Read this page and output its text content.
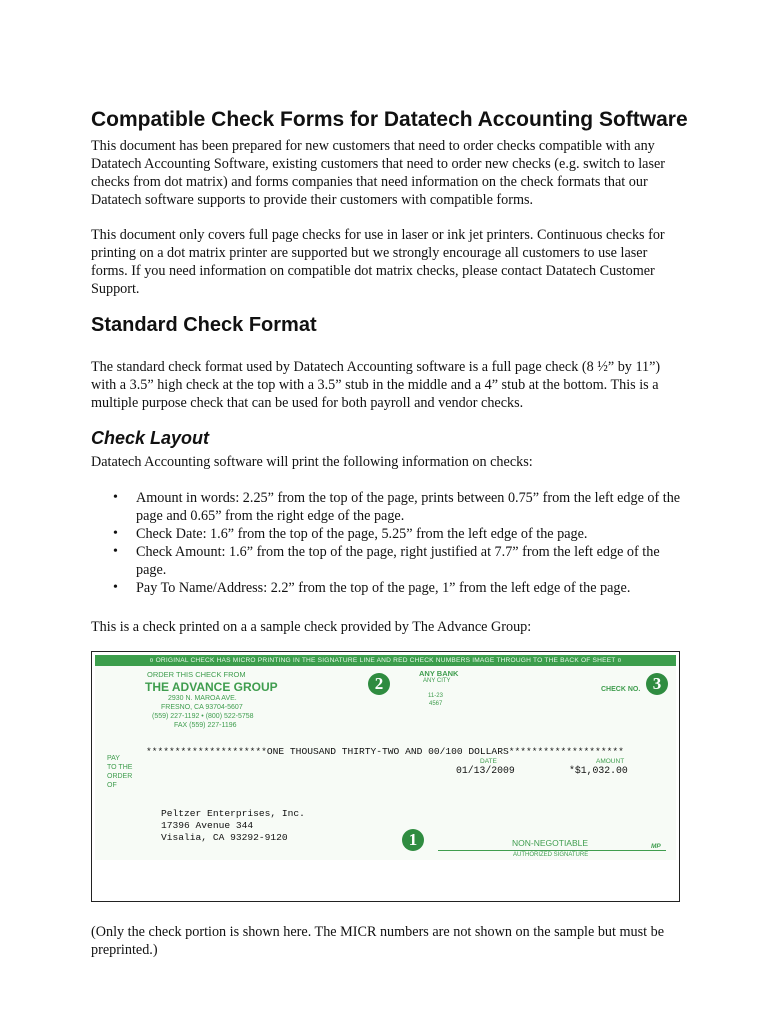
Compatible Check Forms for Datatech Accounting Software

This document has been prepared for new customers that need to order checks compatible with any Datatech Accounting Software, existing customers that need to order new checks (e.g. switch to laser checks from dot matrix) and forms companies that need information on the check formats that our Datatech software supports to provide their customers with compatible forms.

This document only covers full page checks for use in laser or ink jet printers. Continuous checks for printing on a dot matrix printer are supported but we strongly encourage all customers to use laser forms. If you need information on compatible dot matrix checks, please contact Datatech Customer Support.

Standard Check Format

The standard check format used by Datatech Accounting software is a full page check (8 ½” by 11”) with a 3.5” high check at the top with a 3.5” stub in the middle and a 4” stub at the bottom. This is a multiple purpose check that can be used for both payroll and vendor checks.

Check Layout

Datatech Accounting software will print the following information on checks:

• Amount in words: 2.25” from the top of the page, prints between 0.75” from the left edge of the page and 0.65” from the right edge of the page.
• Check Date: 1.6” from the top of the page, 5.25” from the left edge of the page.
• Check Amount: 1.6” from the top of the page, right justified at 7.7” from the left edge of the page.
• Pay To Name/Address: 2.2” from the top of the page, 1” from the left edge of the page.

This is a check printed on a a sample check provided by The Advance Group:

(Only the check portion is shown here. The MICR numbers are not shown on the sample but must be preprinted.)

¤ ORIGINAL CHECK HAS MICRO PRINTING IN THE SIGNATURE LINE AND RED CHECK NUMBERS IMAGE THROUGH TO THE BACK OF SHEET ¤
ORDER THIS CHECK FROM
THE ADVANCE GROUP
2930 N. MAROA AVE.
FRESNO, CA 93704-5607
(559) 227-1192 • (800) 522-5758
FAX (559) 227-1196
2
ANY BANK
ANY CITY
11-23
4567
CHECK NO. 3
*********************ONE THOUSAND THIRTY-TWO AND 00/100 DOLLARS********************
PAY
TO THE
ORDER
OF
DATE
01/13/2009
AMOUNT
*$1,032.00
Peltzer Enterprises, Inc.
17396 Avenue 344
Visalia, CA 93292-9120	1	NON-NEGOTIABLE
AUTHORIZED SIGNATURE
MP
